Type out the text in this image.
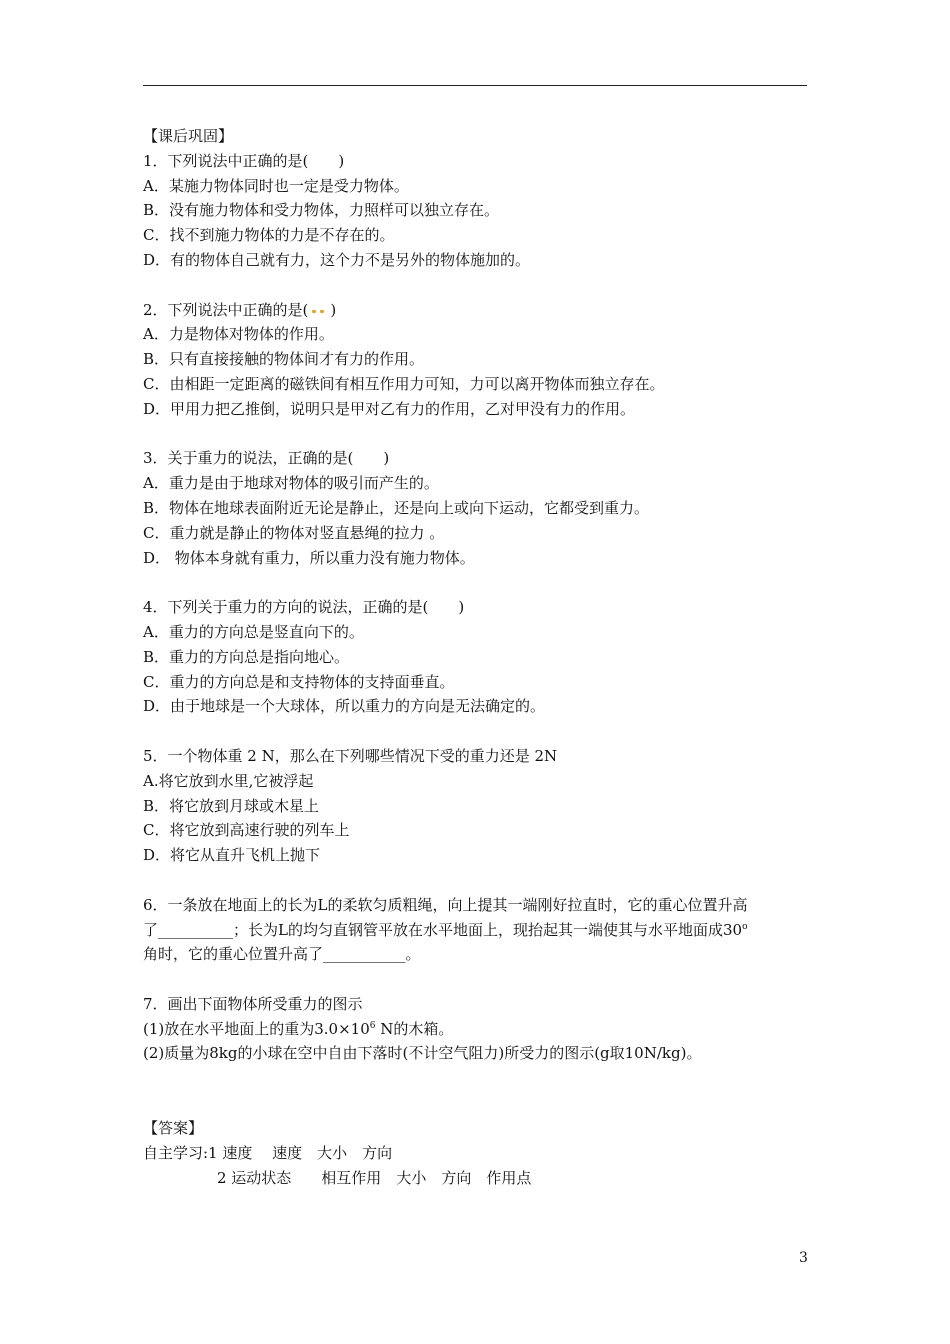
【课后巩固】
1．下列说法中正确的是(　　)
A．某施力物体同时也一定是受力物体。
B．没有施力物体和受力物体，力照样可以独立存在。
C．找不到施力物体的力是不存在的。
D．有的物体自己就有力，这个力不是另外的物体施加的。
2．下列说法中正确的是( )
A．力是物体对物体的作用。
B．只有直接接触的物体间才有力的作用。
C．由相距一定距离的磁铁间有相互作用力可知，力可以离开物体而独立存在。
D．甲用力把乙推倒，说明只是甲对乙有力的作用，乙对甲没有力的作用。
3．关于重力的说法，正确的是(　　)
A．重力是由于地球对物体的吸引而产生的。
B．物体在地球表面附近无论是静止，还是向上或向下运动，它都受到重力。
C．重力就是静止的物体对竖直悬绳的拉力 。
D． 物体本身就有重力，所以重力没有施力物体。
4．下列关于重力的方向的说法，正确的是(　　)
A．重力的方向总是竖直向下的。
B．重力的方向总是指向地心。
C．重力的方向总是和支持物体的支持面垂直。
D．由于地球是一个大球体，所以重力的方向是无法确定的。
5．一个物体重 2 N，那么在下列哪些情况下受的重力还是 2N
A.将它放到水里,它被浮起
B．将它放到月球或木星上
C．将它放到高速行驶的列车上
D．将它从直升飞机上抛下
6．一条放在地面上的长为L的柔软匀质粗绳，向上提其一端刚好拉直时，它的重心位置升高
了__________；长为L的均匀直钢管平放在水平地面上，现抬起其一端使其与水平地面成30$^o$
角时，它的重心位置升高了___________。
7．画出下面物体所受重力的图示
(1)放在水平地面上的重为$3.0\times 10^6$ N的木箱。
(2)质量为8kg的小球在空中自由下落时(不计空气阻力)所受力的图示(g取10N/kg)。
【答案】
自主学习:1 速度　 速度　大小　方向
2 运动状态　　相互作用　大小　方向　作用点
3
